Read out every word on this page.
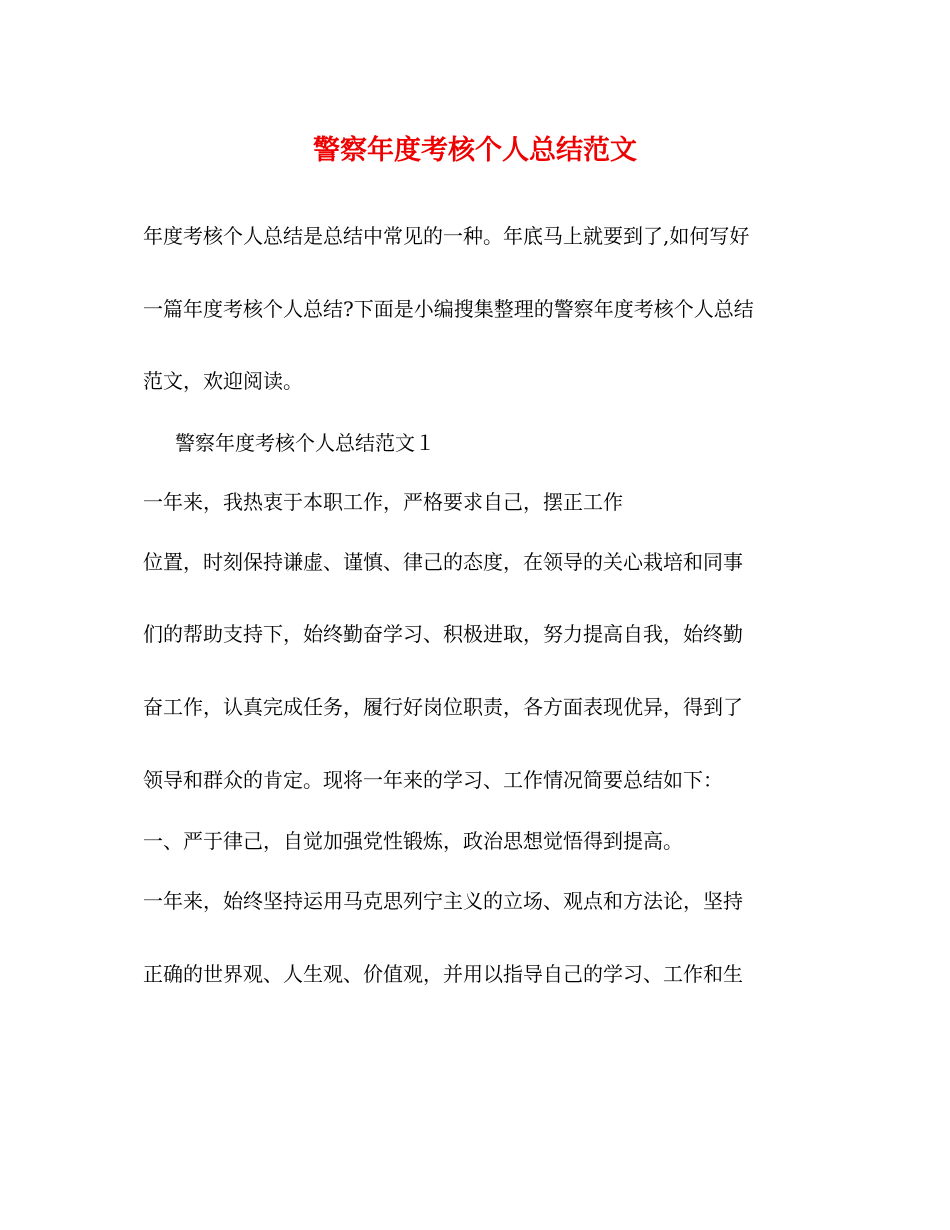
警察年度考核个人总结范文

年度考核个人总结是总结中常见的一种。年底马上就要到了,如何写好

一篇年度考核个人总结?下面是小编搜集整理的警察年度考核个人总结

范文，欢迎阅读。

警察年度考核个人总结范文１

一年来，我热衷于本职工作，严格要求自己，摆正工作

位置，时刻保持谦虚、谨慎、律己的态度，在领导的关心栽培和同事

们的帮助支持下，始终勤奋学习、积极进取，努力提高自我，始终勤

奋工作，认真完成任务，履行好岗位职责，各方面表现优异，得到了

领导和群众的肯定。现将一年来的学习、工作情况简要总结如下：

一、严于律己，自觉加强党性锻炼，政治思想觉悟得到提高。

一年来，始终坚持运用马克思列宁主义的立场、观点和方法论，坚持

正确的世界观、人生观、价值观，并用以指导自己的学习、工作和生
